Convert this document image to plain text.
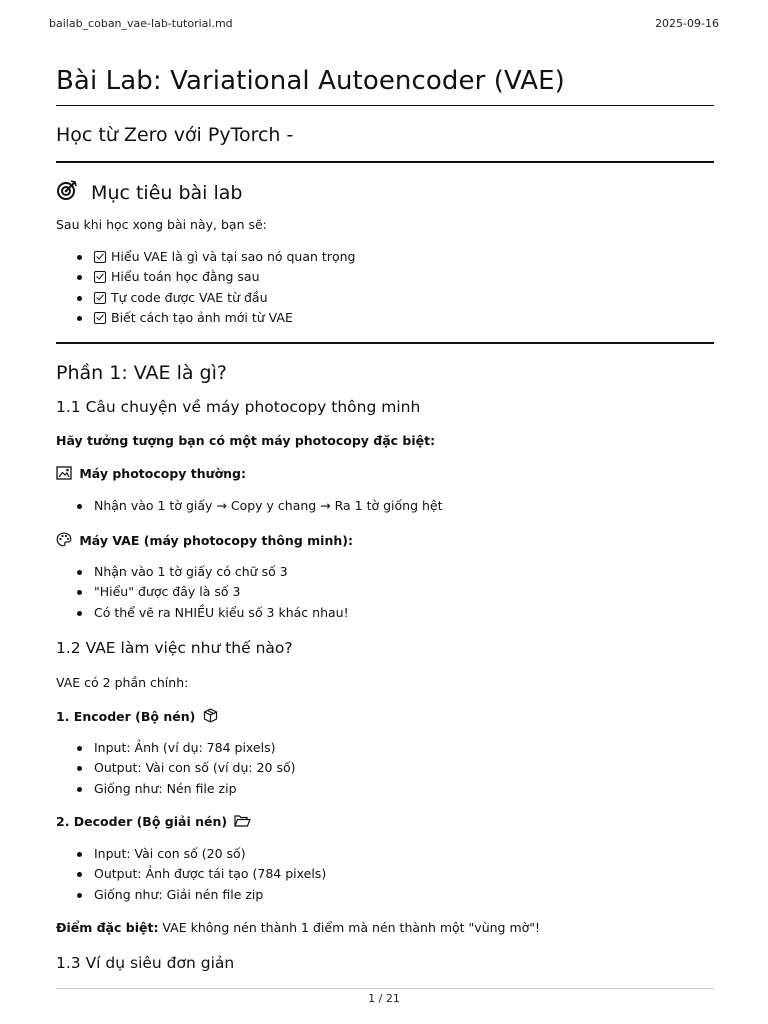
bailab_coban_vae-lab-tutorial.md	2025-09-16
Bài Lab: Variational Autoencoder (VAE)
Học từ Zero với PyTorch -
Mục tiêu bài lab
Sau khi học xong bài này, bạn sẽ:
Hiểu VAE là gì và tại sao nó quan trọng
Hiểu toán học đằng sau
Tự code được VAE từ đầu
Biết cách tạo ảnh mới từ VAE
Phần 1: VAE là gì?
1.1 Câu chuyện về máy photocopy thông minh
Hãy tưởng tượng bạn có một máy photocopy đặc biệt:
Máy photocopy thường:
Nhận vào 1 tờ giấy → Copy y chang → Ra 1 tờ giống hệt
Máy VAE (máy photocopy thông minh):
Nhận vào 1 tờ giấy có chữ số 3
"Hiểu" được đây là số 3
Có thể vẽ ra NHIỀU kiểu số 3 khác nhau!
1.2 VAE làm việc như thế nào?
VAE có 2 phần chính:
1. Encoder (Bộ nén)
Input: Ảnh (ví dụ: 784 pixels)
Output: Vài con số (ví dụ: 20 số)
Giống như: Nén file zip
2. Decoder (Bộ giải nén)
Input: Vài con số (20 số)
Output: Ảnh được tái tạo (784 pixels)
Giống như: Giải nén file zip
Điểm đặc biệt: VAE không nén thành 1 điểm mà nén thành một "vùng mờ"!
1.3 Ví dụ siêu đơn giản
1 / 21
